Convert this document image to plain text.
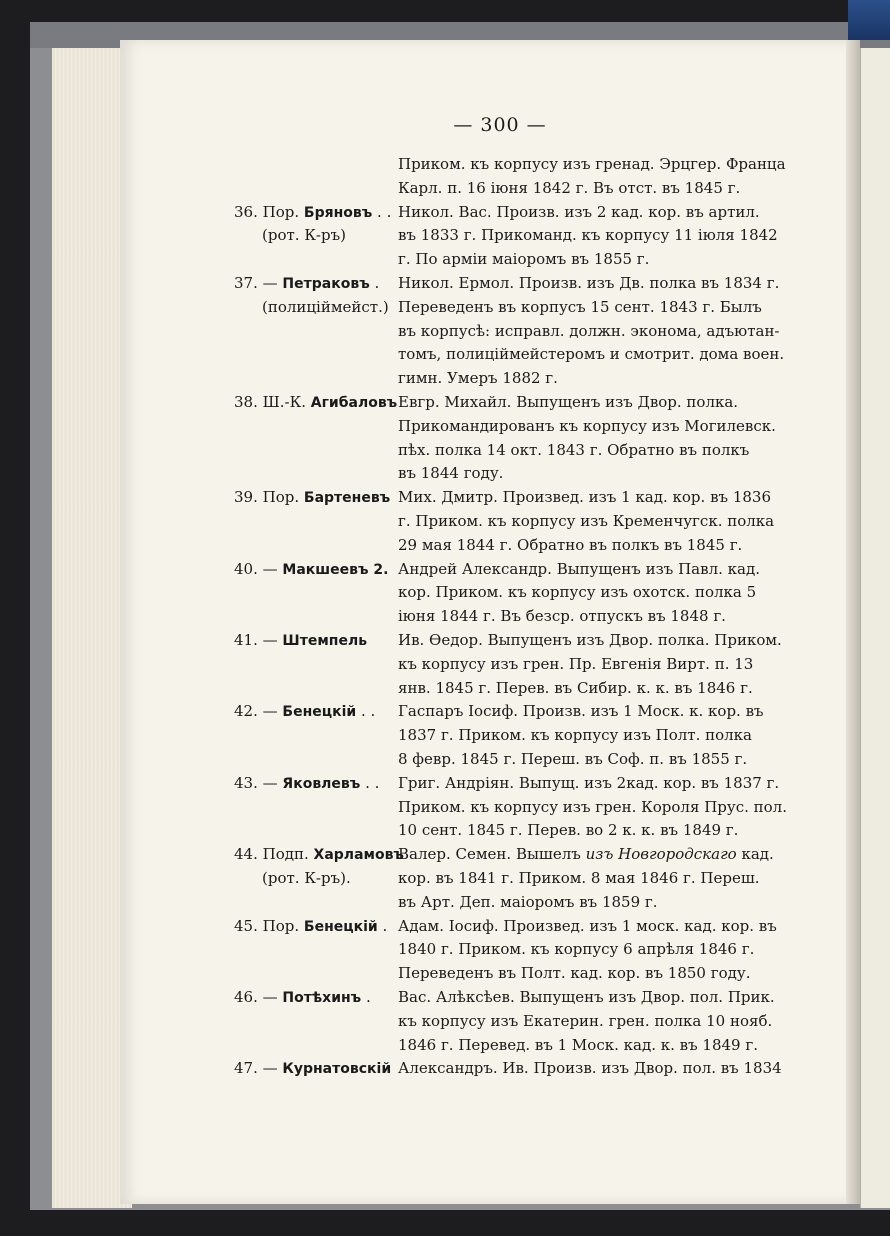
— 300 —
Приком. къ корпусу изъ гренад. Эрцгер. Франца
Карл. п. 16 іюня 1842 г. Въ отст. въ 1845 г.
36. Пор. Бряновъ . .
(рот. К-ръ)
Никол. Вас. Произв. изъ 2 кад. кор. въ артил.
въ 1833 г. Прикоманд. къ корпусу 11 іюля 1842
г. По арміи маіоромъ въ 1855 г.
37. — Петраковъ .
(полиціймейст.)
Никол. Ермол. Произв. изъ Дв. полка въ 1834 г.
Переведенъ въ корпусъ 15 сент. 1843 г. Былъ
въ корпусѣ: исправл. должн. эконома, адъютан-
томъ, полиціймейстеромъ и смотрит. дома воен.
гимн. Умеръ 1882 г.
38. Ш.-К. Агибаловъ Евгр. Михайл. Выпущенъ изъ Двор. полка.
Прикомандированъ къ корпусу изъ Могилевск.
пѣх. полка 14 окт. 1843 г. Обратно въ полкъ
въ 1844 году.
39. Пор. Бартеневъ Мих. Дмитр. Произвед. изъ 1 кад. кор. въ 1836
г. Приком. къ корпусу изъ Кременчугск. полка
29 мая 1844 г. Обратно въ полкъ въ 1845 г.
40. — Макшеевъ 2. Андрей Александр. Выпущенъ изъ Павл. кад.
кор. Приком. къ корпусу изъ охотск. полка 5
іюня 1844 г. Въ безср. отпускъ въ 1848 г.
41. — Штемпель Ив. Ѳедор. Выпущенъ изъ Двор. полка. Приком.
къ корпусу изъ грен. Пр. Евгенія Вирт. п. 13
янв. 1845 г. Перев. въ Сибир. к. к. въ 1846 г.
42. — Бенецкій . . Гаспаръ Іосиф. Произв. изъ 1 Моск. к. кор. въ
1837 г. Приком. къ корпусу изъ Полт. полка
8 февр. 1845 г. Переш. въ Соф. п. въ 1855 г.
43. — Яковлевъ . . Григ. Андріян. Выпущ. изъ 2кад. кор. въ 1837 г.
Приком. къ корпусу изъ грен. Короля Прус. пол.
10 сент. 1845 г. Перев. во 2 к. к. въ 1849 г.
44. Подп. Харламовъ
(рот. К-ръ).
Валер. Семен. Вышелъ изъ Новгородскаго кад.
кор. въ 1841 г. Приком. 8 мая 1846 г. Переш.
въ Арт. Деп. маіоромъ въ 1859 г.
45. Пор. Бенецкій . Адам. Іосиф. Произвед. изъ 1 моск. кад. кор. въ
1840 г. Приком. къ корпусу 6 апрѣля 1846 г.
Переведенъ въ Полт. кад. кор. въ 1850 году.
46. — Потѣхинъ . Вас. Алѣксѣев. Выпущенъ изъ Двор. пол. Прик.
къ корпусу изъ Екатерин. грен. полка 10 нояб.
1846 г. Перевед. въ 1 Моск. кад. к. въ 1849 г.
47. — Курнатовскій Александръ. Ив. Произв. изъ Двор. пол. въ 1834
